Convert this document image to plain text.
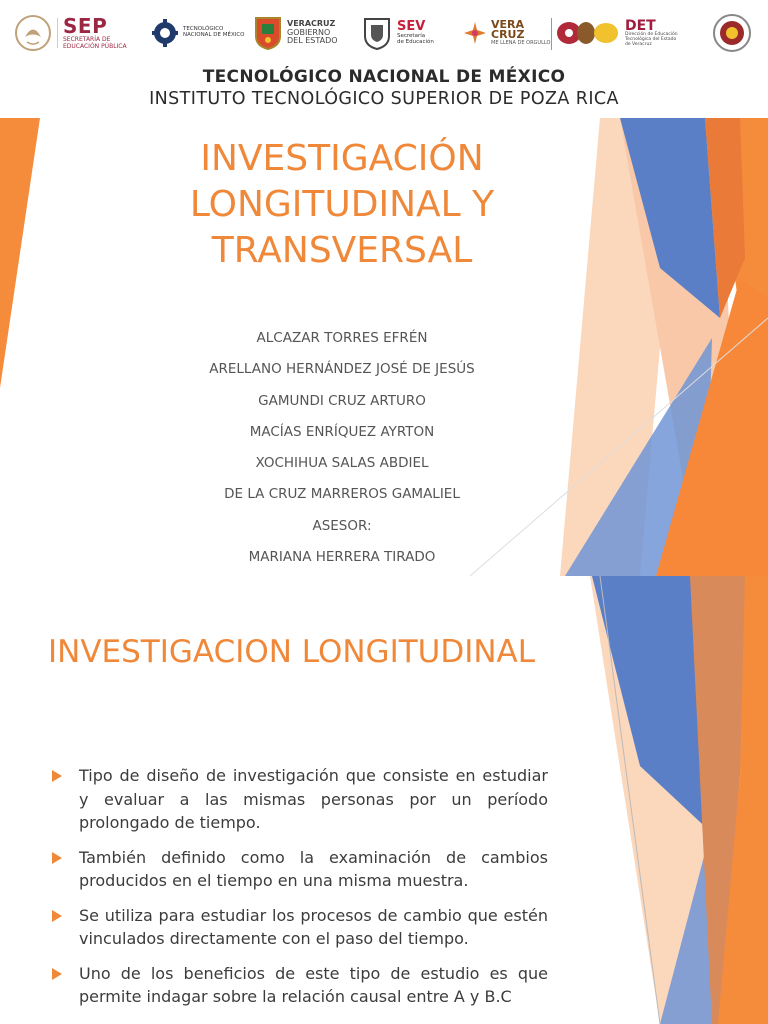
SEP
SECRETARÍA DE
EDUCACIÓN PÚBLICA
TECNOLÓGICO
NACIONAL DE MÉXICO
VERACRUZ
GOBIERNO
DEL ESTADO
SEV
Secretaría
de Educación
VERA
CRUZ
ME LLENA DE ORGULLO
DET
Dirección de Educación
Tecnológica del Estado
de Veracruz
TECNOLÓGICO NACIONAL DE MÉXICO
INSTITUTO TECNOLÓGICO SUPERIOR DE POZA RICA
INVESTIGACIÓN
LONGITUDINAL Y
TRANSVERSAL
ALCAZAR TORRES EFRÉN
ARELLANO HERNÁNDEZ JOSÉ DE JESÚS
GAMUNDI CRUZ ARTURO
MACÍAS ENRÍQUEZ AYRTON
XOCHIHUA SALAS ABDIEL
DE LA CRUZ MARREROS GAMALIEL
ASESOR:
MARIANA HERRERA TIRADO
INVESTIGACION LONGITUDINAL
Tipo de diseño de investigación que consiste en estudiar y evaluar a las mismas personas por un período prolongado de tiempo.
También definido como la examinación de cambios producidos en el tiempo en una misma muestra.
Se utiliza para estudiar los procesos de cambio que estén vinculados directamente con el paso del tiempo.
Uno de los beneficios de este tipo de estudio es que permite indagar sobre la relación causal entre A y B.C
